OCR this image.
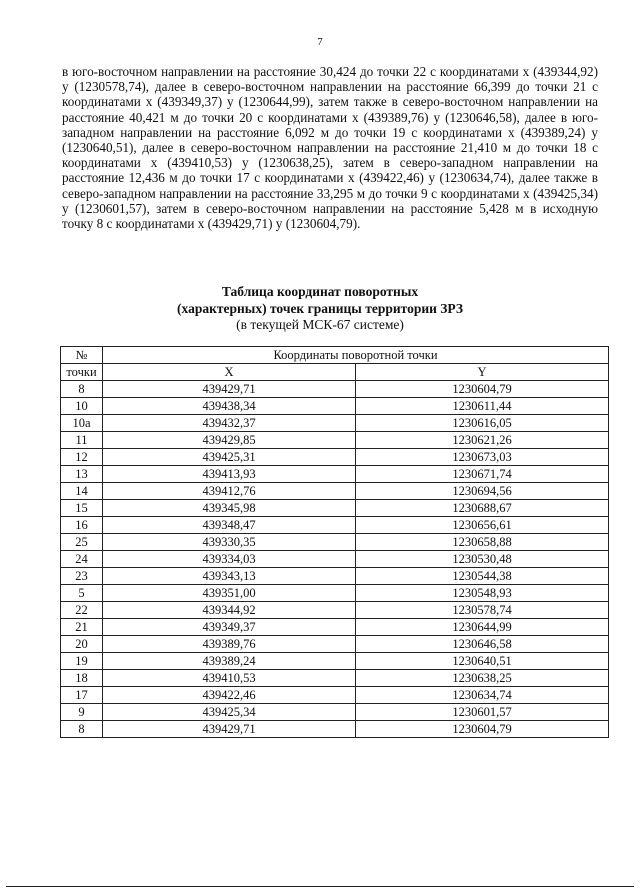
7

в юго-восточном направлении на расстояние 30,424 до точки 22 с координатами х (439344,92) у (1230578,74), далее в северо-восточном направлении на расстояние 66,399 до точки 21 с координатами х (439349,37) у (1230644,99), затем также в северо-восточном направлении на расстояние 40,421 м до точки 20 с координатами х (439389,76) у (1230646,58), далее в юго-западном направлении на расстояние 6,092 м до точки 19 с координатами х (439389,24) у (1230640,51), далее в северо-восточном направлении на расстояние 21,410 м до точки 18 с координатами х (439410,53) у (1230638,25), затем в северо-западном направлении на расстояние 12,436 м до точки 17 с координатами х (439422,46) у (1230634,74), далее также в северо-западном направлении на расстояние 33,295 м до точки 9 с координатами х (439425,34) у (1230601,57), затем в северо-восточном направлении на расстояние 5,428 м в исходную точку 8 с координатами х (439429,71) у (1230604,79).

Таблица координат поворотных
(характерных) точек границы территории ЗРЗ
(в текущей МСК-67 системе)
№	Координаты поворотной точки	
точки	X	Y
8	439429,71	1230604,79
10	439438,34	1230611,44
10а	439432,37	1230616,05
11	439429,85	1230621,26
12	439425,31	1230673,03
13	439413,93	1230671,74
14	439412,76	1230694,56
15	439345,98	1230688,67
16	439348,47	1230656,61
25	439330,35	1230658,88
24	439334,03	1230530,48
23	439343,13	1230544,38
5	439351,00	1230548,93
22	439344,92	1230578,74
21	439349,37	1230644,99
20	439389,76	1230646,58
19	439389,24	1230640,51
18	439410,53	1230638,25
17	439422,46	1230634,74
9	439425,34	1230601,57
8	439429,71	1230604,79
